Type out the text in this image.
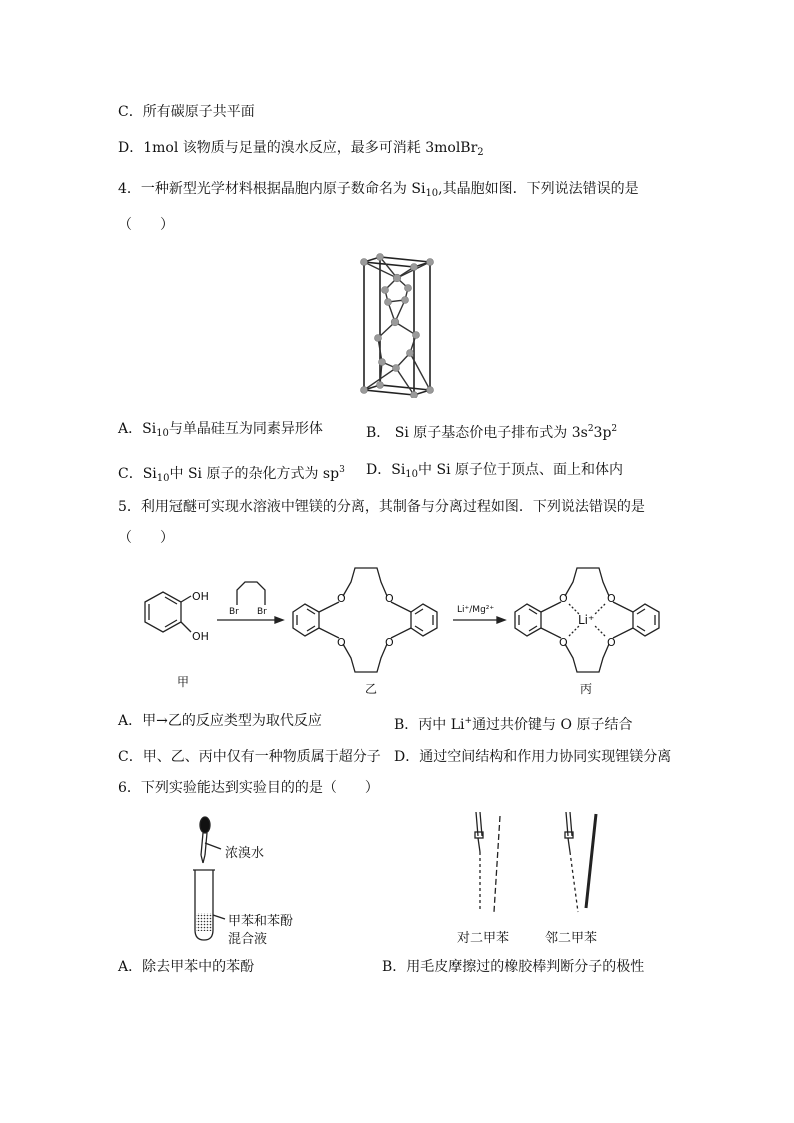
C．所有碳原子共平面
D．1mol 该物质与足量的溴水反应，最多可消耗 3molBr$_2$
4．一种新型光学材料根据晶胞内原子数命名为 $Si_{10}$,其晶胞如图．下列说法错误的是
（　　）
A．$Si_{10}$与单晶硅互为同素异形体	B． Si 原子基态价电子排布式为 $3s^23p^2$
C．$Si_{10}$中 Si 原子的杂化方式为 $sp^3$ D．$Si_{10}$中 Si 原子位于顶点、面上和体内
5．利用冠醚可实现水溶液中锂镁的分离，其制备与分离过程如图．下列说法错误的是
（　　）
OH
OH
Br Br
O
O
O
O
Li⁺/Mg²⁺
O
O
O
O
Li⁺
甲	乙	丙
A．甲→乙的反应类型为取代反应	B．丙中 Li+通过共价键与 O 原子结合
C．甲、乙、丙中仅有一种物质属于超分子 D．通过空间结构和作用力协同实现锂镁分离
6．下列实验能达到实验目的的是（　　）
浓溴水
甲苯和苯酚
混合液	对二甲苯	邻二甲苯
A．除去甲苯中的苯酚	B．用毛皮摩擦过的橡胶棒判断分子的极性
